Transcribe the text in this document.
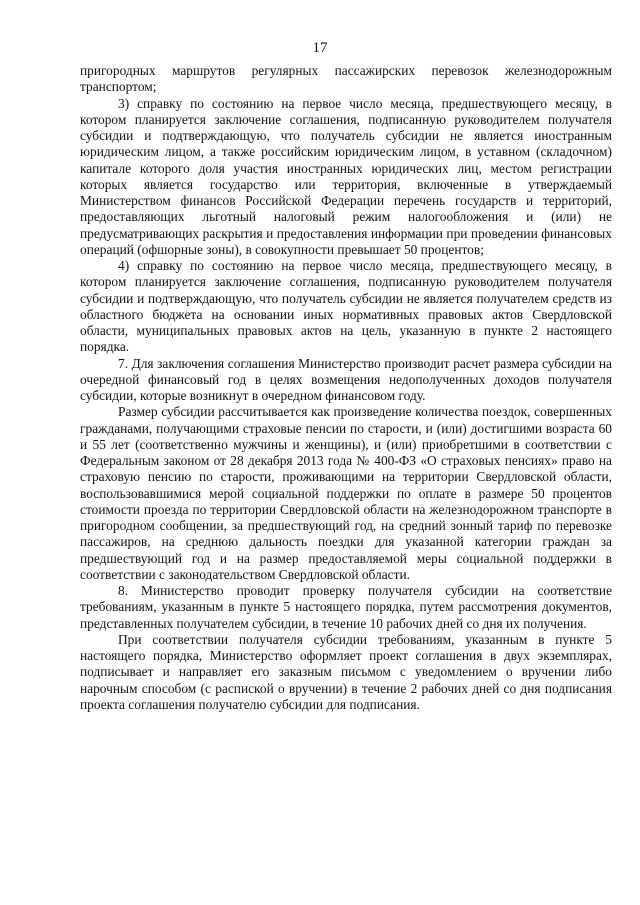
17

пригородных маршрутов регулярных пассажирских перевозок железнодорожным транспортом;

3) справку по состоянию на первое число месяца, предшествующего месяцу, в котором планируется заключение соглашения, подписанную руководителем получателя субсидии и подтверждающую, что получатель субсидии не является иностранным юридическим лицом, а также российским юридическим лицом, в уставном (складочном) капитале которого доля участия иностранных юридических лиц, местом регистрации которых является государство или территория, включенные в утверждаемый Министерством финансов Российской Федерации перечень государств и территорий, предоставляющих льготный налоговый режим налогообложения и (или) не предусматривающих раскрытия и предоставления информации при проведении финансовых операций (офшорные зоны), в совокупности превышает 50 процентов;

4) справку по состоянию на первое число месяца, предшествующего месяцу, в котором планируется заключение соглашения, подписанную руководителем получателя субсидии и подтверждающую, что получатель субсидии не является получателем средств из областного бюджета на основании иных нормативных правовых актов Свердловской области, муниципальных правовых актов на цель, указанную в пункте 2 настоящего порядка.

7. Для заключения соглашения Министерство производит расчет размера субсидии на очередной финансовый год в целях возмещения недополученных доходов получателя субсидии, которые возникнут в очередном финансовом году.

Размер субсидии рассчитывается как произведение количества поездок, совершенных гражданами, получающими страховые пенсии по старости, и (или) достигшими возраста 60 и 55 лет (соответственно мужчины и женщины), и (или) приобретшими в соответствии с Федеральным законом от 28 декабря 2013 года № 400-ФЗ «О страховых пенсиях» право на страховую пенсию по старости, проживающими на территории Свердловской области, воспользовавшимися мерой социальной поддержки по оплате в размере 50 процентов стоимости проезда по территории Свердловской области на железнодорожном транспорте в пригородном сообщении, за предшествующий год, на средний зонный тариф по перевозке пассажиров, на среднюю дальность поездки для указанной категории граждан за предшествующий год и на размер предоставляемой меры социальной поддержки в соответствии с законодательством Свердловской области.

8. Министерство проводит проверку получателя субсидии на соответствие требованиям, указанным в пункте 5 настоящего порядка, путем рассмотрения документов, представленных получателем субсидии, в течение 10 рабочих дней со дня их получения.

При соответствии получателя субсидии требованиям, указанным в пункте 5 настоящего порядка, Министерство оформляет проект соглашения в двух экземплярах, подписывает и направляет его заказным письмом с уведомлением о вручении либо нарочным способом (с распиской о вручении) в течение 2 рабочих дней со дня подписания проекта соглашения получателю субсидии для подписания.
